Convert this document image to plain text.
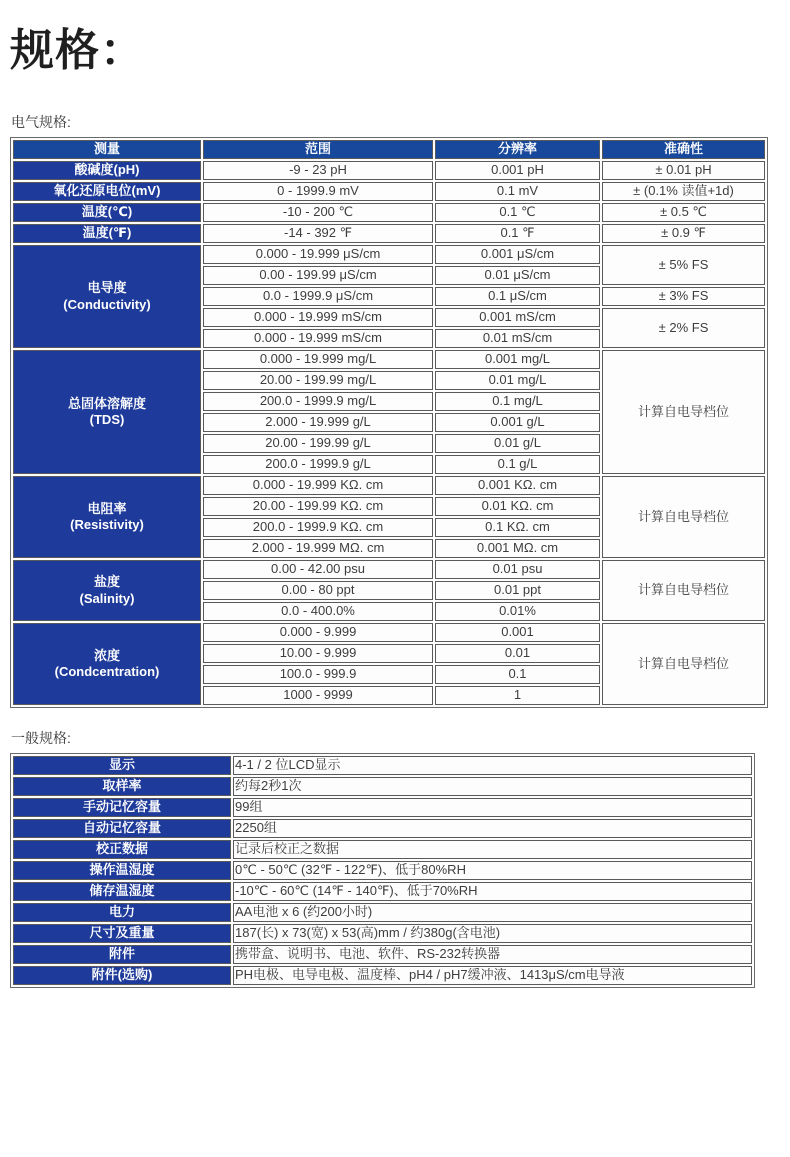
规格：
电气规格:
测量	范围	分辨率	准确性

酸碱度(pH)	-9 - 23 pH	0.001 pH	± 0.01 pH

氧化还原电位(mV)	0 - 1999.9 mV	0.1 mV	± (0.1% 读值+1d)

温度(℃)	-10 - 200 ℃	0.1 ℃	± 0.5 ℃

温度(℉)	-14 - 392 ℉	0.1 ℉	± 0.9 ℉

电导度
(Conductivity)	0.000 - 19.999 μS/cm	0.001 μS/cm	± 5% FS
	0.00 - 199.99 μS/cm	0.01 μS/cm	
	0.0 - 1999.9 μS/cm	0.1 μS/cm	± 3% FS
	0.000 - 19.999 mS/cm	0.001 mS/cm	± 2% FS
	0.000 - 19.999 mS/cm	0.01 mS/cm	

总固体溶解度
(TDS)	0.000 - 19.999 mg/L	0.001 mg/L	计算自电导档位
	20.00 - 199.99 mg/L	0.01 mg/L	
	200.0 - 1999.9 mg/L	0.1 mg/L	
	2.000 - 19.999 g/L	0.001 g/L	
	20.00 - 199.99 g/L	0.01 g/L	
	200.0 - 1999.9 g/L	0.1 g/L	

电阻率
(Resistivity)	0.000 - 19.999 KΩ. cm	0.001 KΩ. cm	计算自电导档位
	20.00 - 199.99 KΩ. cm	0.01 KΩ. cm	
	200.0 - 1999.9 KΩ. cm	0.1 KΩ. cm	
	2.000 - 19.999 MΩ. cm	0.001 MΩ. cm	

盐度
(Salinity)	0.00 - 42.00 psu	0.01 psu	计算自电导档位
	0.00 - 80 ppt	0.01 ppt	
	0.0 - 400.0%	0.01%	

浓度
(Condcentration)	0.000 - 9.999	0.001	计算自电导档位
	10.00 - 9.999	0.01	
	100.0 - 999.9	0.1	
	1000 - 9999	1	
一般规格:
显示	4-1 / 2 位LCD显示
取样率	约每2秒1次
手动记忆容量	99组
自动记忆容量	2250组
校正数据	记录后校正之数据
操作温湿度	0℃ - 50℃ (32℉ - 122℉)、低于80%RH
储存温湿度	-10℃ - 60℃ (14℉ - 140℉)、低于70%RH
电力	AA电池 x 6 (约200小时)
尺寸及重量	187(长) x 73(宽) x 53(高)mm / 约380g(含电池)
附件	携带盒、说明书、电池、软件、RS-232转换器
附件(选购)	PH电极、电导电极、温度棒、pH4 / pH7缓冲液、1413μS/cm电导液
